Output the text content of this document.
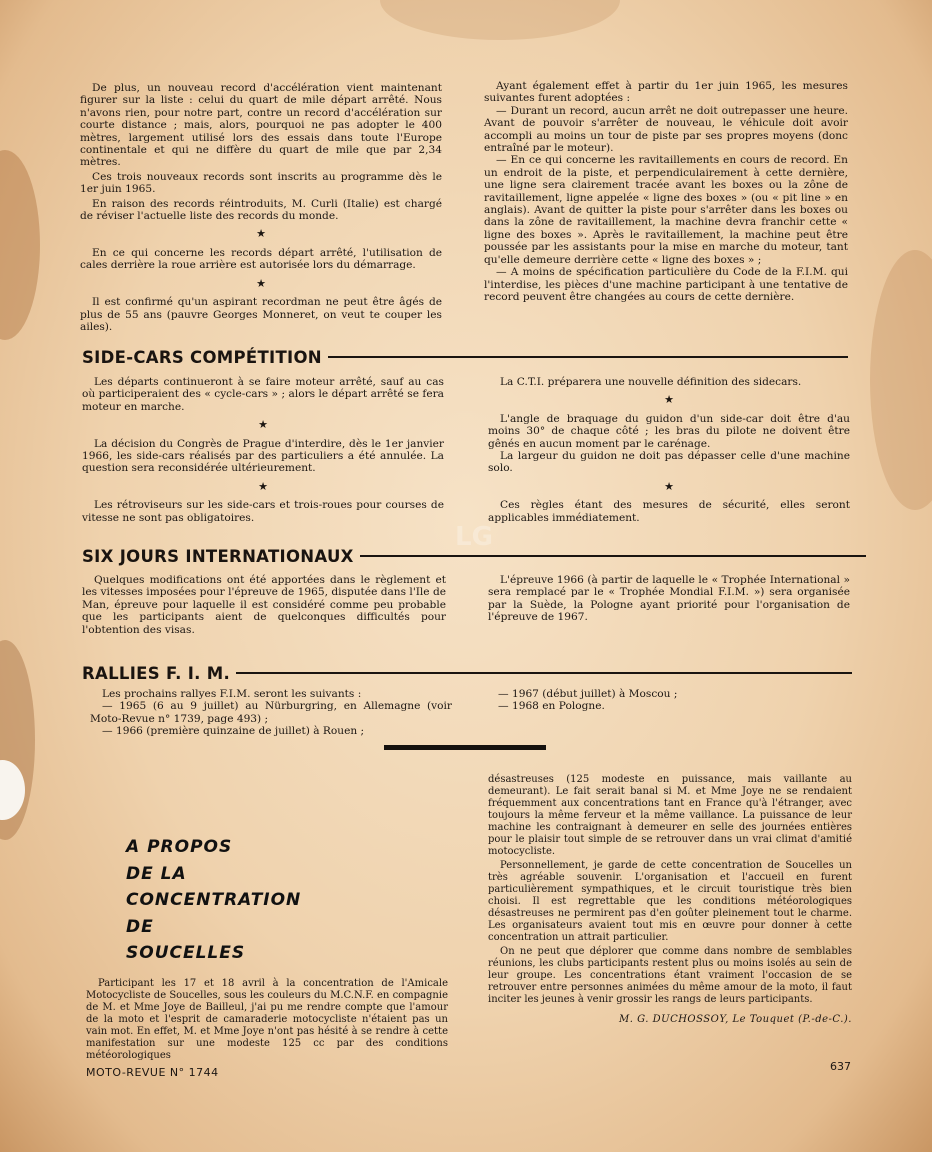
De plus, un nouveau record d'accélération vient maintenant figurer sur la liste : celui du quart de mile départ arrêté. Nous n'avons rien, pour notre part, contre un record d'accélération sur courte distance ; mais, alors, pourquoi ne pas adopter le 400 mètres, largement utilisé lors des essais dans toute l'Europe continentale et qui ne diffère du quart de mile que par 2,34 mètres.

Ces trois nouveaux records sont inscrits au programme dès le 1er juin 1965.

En raison des records réintroduits, M. Curli (Italie) est chargé de réviser l'actuelle liste des records du monde.

★

En ce qui concerne les records départ arrêté, l'utilisation de cales derrière la roue arrière est autorisée lors du démarrage.

★

Il est confirmé qu'un aspirant recordman ne peut être âgés de plus de 55 ans (pauvre Georges Monneret, on veut te couper les ailes).

Ayant également effet à partir du 1er juin 1965, les mesures suivantes furent adoptées :

— Durant un record, aucun arrêt ne doit outrepasser une heure. Avant de pouvoir s'arrêter de nouveau, le véhicule doit avoir accompli au moins un tour de piste par ses propres moyens (donc entraîné par le moteur).

— En ce qui concerne les ravitaillements en cours de record. En un endroit de la piste, et perpendiculairement à cette dernière, une ligne sera clairement tracée avant les boxes ou la zône de ravitaillement, ligne appelée « ligne des boxes » (ou « pit line » en anglais). Avant de quitter la piste pour s'arrêter dans les boxes ou dans la zône de ravitaillement, la machine devra franchir cette « ligne des boxes ». Après le ravitaillement, la machine peut être poussée par les assistants pour la mise en marche du moteur, tant qu'elle demeure derrière cette « ligne des boxes » ;

— A moins de spécification particulière du Code de la F.I.M. qui l'interdise, les pièces d'une machine participant à une tentative de record peuvent être changées au cours de cette dernière.

SIDE-CARS COMPÉTITION

Les départs continueront à se faire moteur arrêté, sauf au cas où participeraient des « cycle-cars » ; alors le départ arrêté se fera moteur en marche.

★

La décision du Congrès de Prague d'interdire, dès le 1er janvier 1966, les side-cars réalisés par des particuliers a été annulée. La question sera reconsidérée ultérieurement.

★

Les rétroviseurs sur les side-cars et trois-roues pour courses de vitesse ne sont pas obligatoires.

La C.T.I. préparera une nouvelle définition des sidecars.

★

L'angle de braquage du guidon d'un side-car doit être d'au moins 30° de chaque côté ; les bras du pilote ne doivent être gênés en aucun moment par le carénage.

La largeur du guidon ne doit pas dépasser celle d'une machine solo.

★

Ces règles étant des mesures de sécurité, elles seront applicables immédiatement.

SIX JOURS INTERNATIONAUX
LG

Quelques modifications ont été apportées dans le règlement et les vitesses imposées pour l'épreuve de 1965, disputée dans l'Ile de Man, épreuve pour laquelle il est considéré comme peu probable que les participants aient de quelconques difficultés pour l'obtention des visas.

L'épreuve 1966 (à partir de laquelle le « Trophée International » sera remplacé par le « Trophée Mondial F.I.M. ») sera organisée par la Suède, la Pologne ayant priorité pour l'organisation de l'épreuve de 1967.

RALLIES F. I. M.

Les prochains rallyes F.I.M. seront les suivants :

— 1965 (6 au 9 juillet) au Nürburgring, en Allemagne (voir Moto-Revue n° 1739, page 493) ;

— 1966 (première quinzaine de juillet) à Rouen ;

— 1967 (début juillet) à Moscou ;

— 1968 en Pologne.

A PROPOS
DE LA
CONCENTRATION
DE
SOUCELLES

Participant les 17 et 18 avril à la concentration de l'Amicale Motocycliste de Soucelles, sous les couleurs du M.C.N.F. en compagnie de M. et Mme Joye de Bailleul, j'ai pu me rendre compte que l'amour de la moto et l'esprit de camaraderie motocycliste n'étaient pas un vain mot. En effet, M. et Mme Joye n'ont pas hésité à se rendre à cette manifestation sur une modeste 125 cc par des conditions météorologiques

désastreuses (125 modeste en puissance, mais vaillante au demeurant). Le fait serait banal si M. et Mme Joye ne se rendaient fréquemment aux concentrations tant en France qu'à l'étranger, avec toujours la même ferveur et la même vaillance. La puissance de leur machine les contraignant à demeurer en selle des journées entières pour le plaisir tout simple de se retrouver dans un vrai climat d'amitié motocycliste.

Personnellement, je garde de cette concentration de Soucelles un très agréable souvenir. L'organisation et l'accueil en furent particulièrement sympathiques, et le circuit touristique très bien choisi. Il est regrettable que les conditions météorologiques désastreuses ne permirent pas d'en goûter pleinement tout le charme. Les organisateurs avaient tout mis en œuvre pour donner à cette concentration un attrait particulier.

On ne peut que déplorer que comme dans nombre de semblables réunions, les clubs participants restent plus ou moins isolés au sein de leur groupe. Les concentrations étant vraiment l'occasion de se retrouver entre personnes animées du même amour de la moto, il faut inciter les jeunes à venir grossir les rangs de leurs participants.

M. G. DUCHOSSOY, Le Touquet (P.-de-C.).
MOTO-REVUE N° 1744	637
